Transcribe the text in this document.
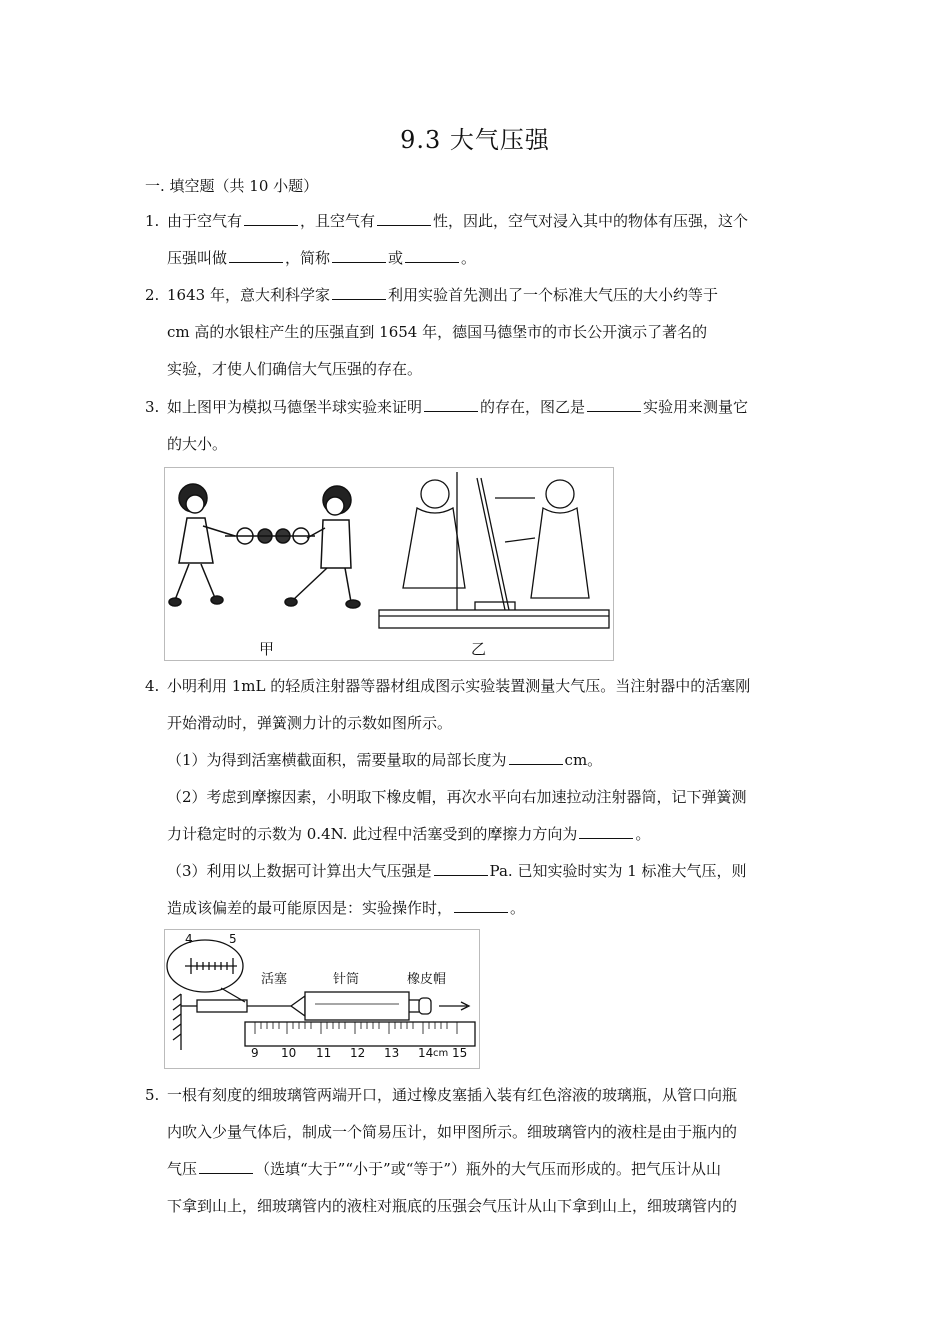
9.3 大气压强
一. 填空题（共 10 小题）
1. 由于空气有	，且空气有	性，因此，空气对浸入其中的物体有压强，这个
压强叫做	，简称	或	。
2. 1643 年，意大利科学家	利用实验首先测出了一个标准大气压的大小约等于
cm 高的水银柱产生的压强直到 1654 年，德国马德堡市的市长公开演示了著名的
实验，才使人们确信大气压强的存在。
3. 如上图甲为模拟马德堡半球实验来证明	的存在，图乙是	实验用来测量它
的大小。
甲	乙
4. 小明利用 1mL 的轻质注射器等器材组成图示实验装置测量大气压。当注射器中的活塞刚
开始滑动时，弹簧测力计的示数如图所示。
（1）为得到活塞横截面积，需要量取的局部长度为	cm。
（2）考虑到摩擦因素，小明取下橡皮帽，再次水平向右加速拉动注射器筒，记下弹簧测
力计稳定时的示数为 0.4N. 此过程中活塞受到的摩擦力方向为	。
（3）利用以上数据可计算出大气压强是	Pa. 已知实验时实为 1 标准大气压，则
造成该偏差的最可能原因是：实验操作时，	。
4	5
活塞	针筒	橡皮帽
9 10 11 12 13 14 cm 15
5. 一根有刻度的细玻璃管两端开口，通过橡皮塞插入装有红色溶液的玻璃瓶，从管口向瓶
内吹入少量气体后，制成一个简易压计，如甲图所示。细玻璃管内的液柱是由于瓶内的
气压	（选填“大于”“小于”或“等于”）瓶外的大气压而形成的。把气压计从山
下拿到山上，细玻璃管内的液柱对瓶底的压强会气压计从山下拿到山上，细玻璃管内的
